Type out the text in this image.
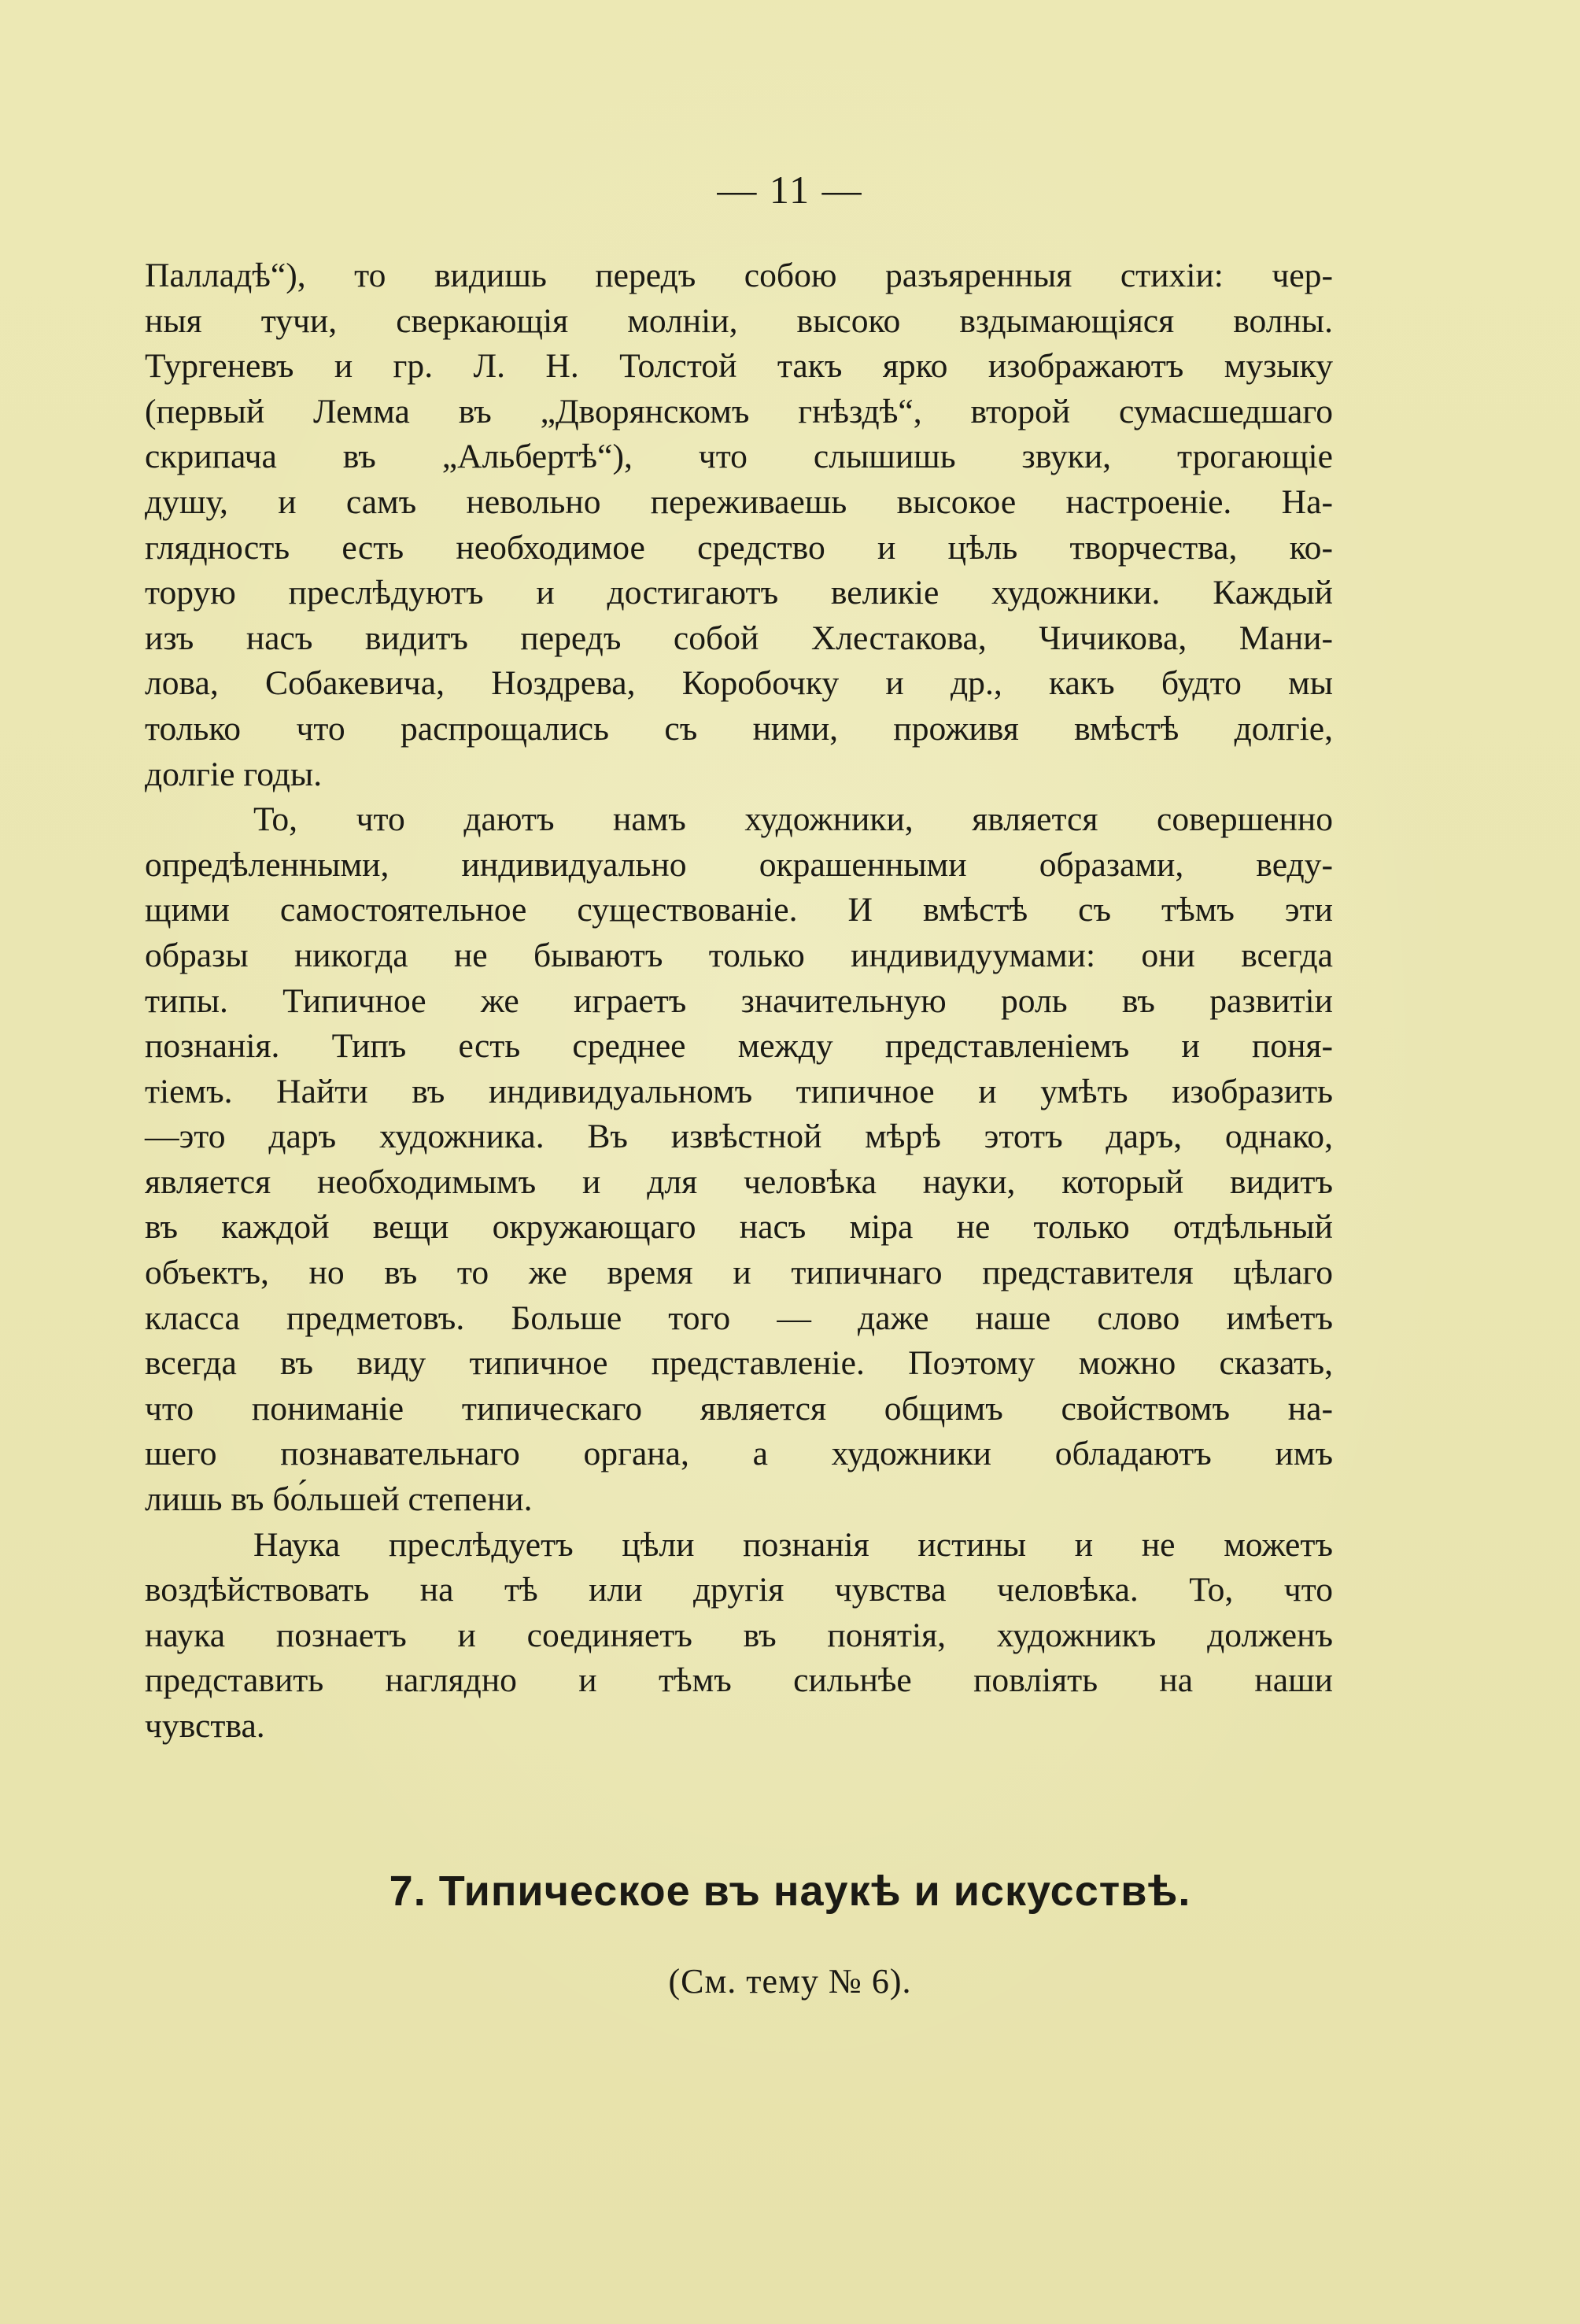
— 11 —
Палладѣ“), то видишь передъ собою разъяренныя стихіи: чер-
ныя тучи, сверкающія молніи, высоко вздымающіяся волны.
Тургеневъ и гр. Л. Н. Толстой такъ ярко изображаютъ музыку
(первый Лемма въ „Дворянскомъ гнѣздѣ“, второй сумасшедшаго
скрипача въ „Альбертѣ“), что слышишь звуки, трогающіе
душу, и самъ невольно переживаешь высокое настроеніе. На-
глядность есть необходимое средство и цѣль творчества, ко-
торую преслѣдуютъ и достигаютъ великіе художники. Каждый
изъ насъ видитъ передъ собой Хлестакова, Чичикова, Мани-
лова, Собакевича, Ноздрева, Коробочку и др., какъ будто мы
только что распрощались съ ними, проживя вмѣстѣ долгіе,
долгіе годы.
То, что даютъ намъ художники, является совершенно
опредѣленными, индивидуально окрашенными образами, веду-
щими самостоятельное существованіе. И вмѣстѣ съ тѣмъ эти
образы никогда не бываютъ только индивидуумами: они всегда
типы. Типичное же играетъ значительную роль въ развитіи
познанія. Типъ есть среднее между представленіемъ и поня-
тіемъ. Найти въ индивидуальномъ типичное и умѣть изобразить
—это даръ художника. Въ извѣстной мѣрѣ этотъ даръ, однако,
является необходимымъ и для человѣка науки, который видитъ
въ каждой вещи окружающаго насъ міра не только отдѣльный
объектъ, но въ то же время и типичнаго представителя цѣлаго
класса предметовъ. Больше того — даже наше слово имѣетъ
всегда въ виду типичное представленіе. Поэтому можно сказать,
что пониманіе типическаго является общимъ свойствомъ на-
шего познавательнаго органа, а художники обладаютъ имъ
лишь въ бо́льшей степени.
Наука преслѣдуетъ цѣли познанія истины и не можетъ
воздѣйствовать на тѣ или другія чувства человѣка. То, что
наука познаетъ и соединяетъ въ понятія, художникъ долженъ
представить наглядно и тѣмъ сильнѣе повліять на наши
чувства.
7. Типическое въ наукѣ и искусствѣ.
(См. тему № 6).
